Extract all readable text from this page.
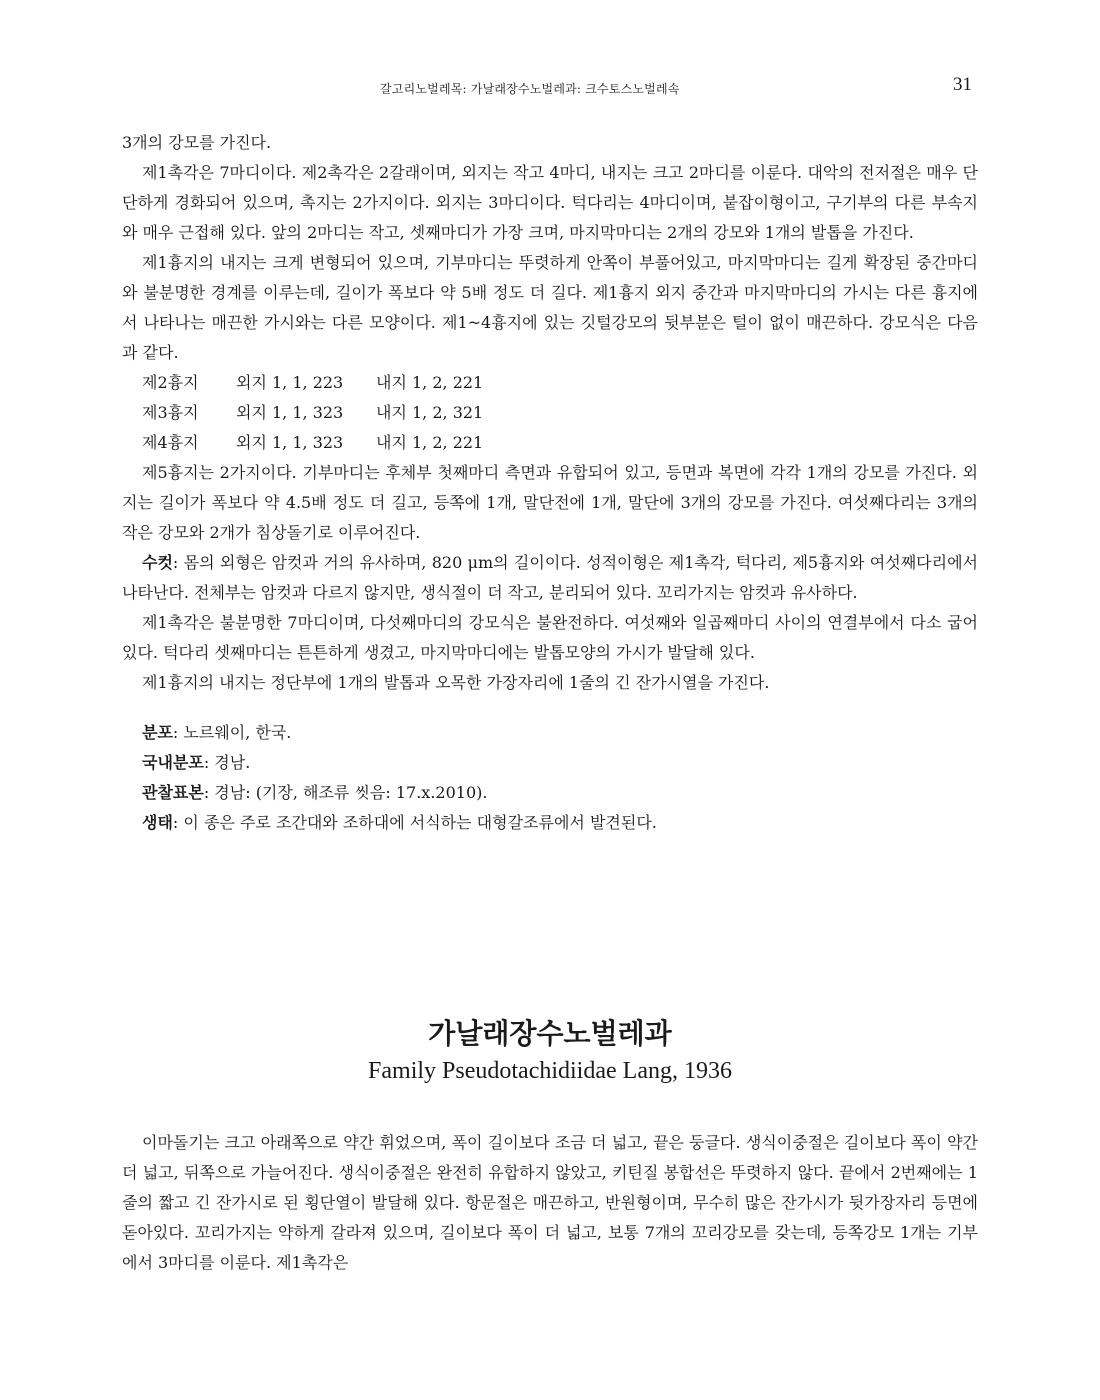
갈고리노벌레목: 가날래장수노벌레과: 크수토스노벌레속	31

3개의 강모를 가진다.

제1촉각은 7마디이다. 제2촉각은 2갈래이며, 외지는 작고 4마디, 내지는 크고 2마디를 이룬다. 대악의 전저절은 매우 단단하게 경화되어 있으며, 촉지는 2가지이다. 외지는 3마디이다. 턱다리는 4마디이며, 붙잡이형이고, 구기부의 다른 부속지와 매우 근접해 있다. 앞의 2마디는 작고, 셋째마디가 가장 크며, 마지막마디는 2개의 강모와 1개의 발톱을 가진다.

제1흉지의 내지는 크게 변형되어 있으며, 기부마디는 뚜렷하게 안쪽이 부풀어있고, 마지막마디는 길게 확장된 중간마디와 불분명한 경계를 이루는데, 길이가 폭보다 약 5배 정도 더 길다. 제1흉지 외지 중간과 마지막마디의 가시는 다른 흉지에서 나타나는 매끈한 가시와는 다른 모양이다. 제1~4흉지에 있는 깃털강모의 뒷부분은 털이 없이 매끈하다. 강모식은 다음과 같다.

제2흉지 외지 1, 1, 223 내지 1, 2, 221

제3흉지 외지 1, 1, 323 내지 1, 2, 321

제4흉지 외지 1, 1, 323 내지 1, 2, 221

제5흉지는 2가지이다. 기부마디는 후체부 첫째마디 측면과 유합되어 있고, 등면과 복면에 각각 1개의 강모를 가진다. 외지는 길이가 폭보다 약 4.5배 정도 더 길고, 등쪽에 1개, 말단전에 1개, 말단에 3개의 강모를 가진다. 여섯째다리는 3개의 작은 강모와 2개가 침상돌기로 이루어진다.

수컷: 몸의 외형은 암컷과 거의 유사하며, 820 μm의 길이이다. 성적이형은 제1촉각, 턱다리, 제5흉지와 여섯째다리에서 나타난다. 전체부는 암컷과 다르지 않지만, 생식절이 더 작고, 분리되어 있다. 꼬리가지는 암컷과 유사하다.

제1촉각은 불분명한 7마디이며, 다섯째마디의 강모식은 불완전하다. 여섯째와 일곱째마디 사이의 연결부에서 다소 굽어있다. 턱다리 셋째마디는 튼튼하게 생겼고, 마지막마디에는 발톱모양의 가시가 발달해 있다.

제1흉지의 내지는 정단부에 1개의 발톱과 오목한 가장자리에 1줄의 긴 잔가시열을 가진다.

분포: 노르웨이, 한국.

국내분포: 경남.

관찰표본: 경남: (기장, 해조류 씻음: 17.x.2010).

생태: 이 종은 주로 조간대와 조하대에 서식하는 대형갈조류에서 발견된다.

가날래장수노벌레과
Family Pseudotachidiidae Lang, 1936

이마돌기는 크고 아래쪽으로 약간 휘었으며, 폭이 길이보다 조금 더 넓고, 끝은 둥글다. 생식이중절은 길이보다 폭이 약간 더 넓고, 뒤쪽으로 가늘어진다. 생식이중절은 완전히 유합하지 않았고, 키틴질 봉합선은 뚜렷하지 않다. 끝에서 2번째에는 1줄의 짧고 긴 잔가시로 된 횡단열이 발달해 있다. 항문절은 매끈하고, 반원형이며, 무수히 많은 잔가시가 뒷가장자리 등면에 돋아있다. 꼬리가지는 약하게 갈라져 있으며, 길이보다 폭이 더 넓고, 보통 7개의 꼬리강모를 갖는데, 등쪽강모 1개는 기부에서 3마디를 이룬다. 제1촉각은
